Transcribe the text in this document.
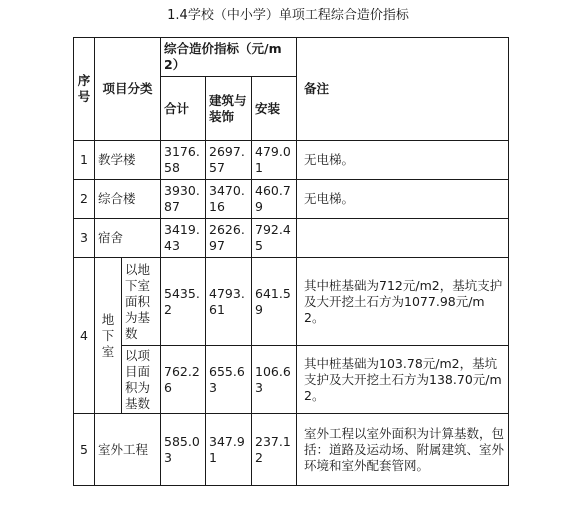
1.4学校（中小学）单项工程综合造价指标
序号	项目分类		综合造价指标（元/m2）			备注
			合计	建筑与装饰	安装	
1	教学楼		3176.58	2697.57	479.01	无电梯。
2	综合楼		3930.87	3470.16	460.79	无电梯。
3	宿舍		3419.43	2626.97	792.45	
4	地下室	以地下室面积为基数	5435.2	4793.61	641.59	其中桩基础为712元/m2，基坑支护及大开挖土石方为1077.98元/m2。
		以项目面积为基数	762.26	655.63	106.63	其中桩基础为103.78元/m2，基坑支护及大开挖土石方为138.70元/m2。
5	室外工程		585.03	347.91	237.12	室外工程以室外面积为计算基数，包括：道路及运动场、附属建筑、室外环境和室外配套管网。
